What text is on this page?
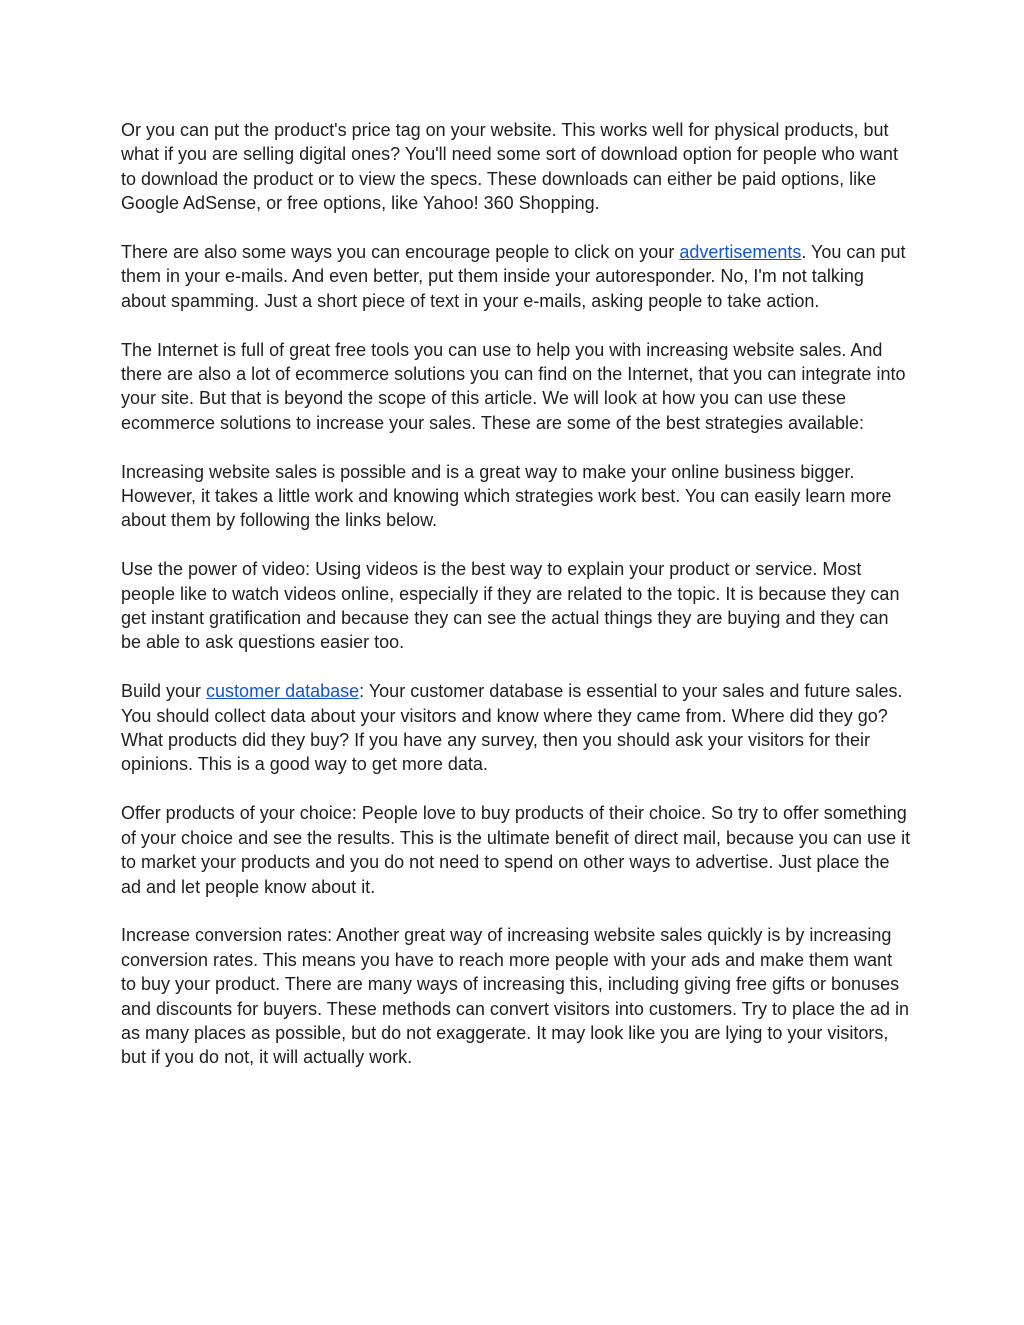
Or you can put the product's price tag on your website. This works well for physical products, but what if you are selling digital ones? You'll need some sort of download option for people who want to download the product or to view the specs. These downloads can either be paid options, like Google AdSense, or free options, like Yahoo! 360 Shopping.

There are also some ways you can encourage people to click on your advertisements. You can put them in your e-mails. And even better, put them inside your autoresponder. No, I'm not talking about spamming. Just a short piece of text in your e-mails, asking people to take action.

The Internet is full of great free tools you can use to help you with increasing website sales. And there are also a lot of ecommerce solutions you can find on the Internet, that you can integrate into your site. But that is beyond the scope of this article. We will look at how you can use these ecommerce solutions to increase your sales. These are some of the best strategies available:

Increasing website sales is possible and is a great way to make your online business bigger. However, it takes a little work and knowing which strategies work best. You can easily learn more about them by following the links below.

Use the power of video: Using videos is the best way to explain your product or service. Most people like to watch videos online, especially if they are related to the topic. It is because they can get instant gratification and because they can see the actual things they are buying and they can be able to ask questions easier too.

Build your customer database: Your customer database is essential to your sales and future sales. You should collect data about your visitors and know where they came from. Where did they go? What products did they buy? If you have any survey, then you should ask your visitors for their opinions. This is a good way to get more data.

Offer products of your choice: People love to buy products of their choice. So try to offer something of your choice and see the results. This is the ultimate benefit of direct mail, because you can use it to market your products and you do not need to spend on other ways to advertise. Just place the ad and let people know about it.

Increase conversion rates: Another great way of increasing website sales quickly is by increasing conversion rates. This means you have to reach more people with your ads and make them want to buy your product. There are many ways of increasing this, including giving free gifts or bonuses and discounts for buyers. These methods can convert visitors into customers. Try to place the ad in as many places as possible, but do not exaggerate. It may look like you are lying to your visitors, but if you do not, it will actually work.
